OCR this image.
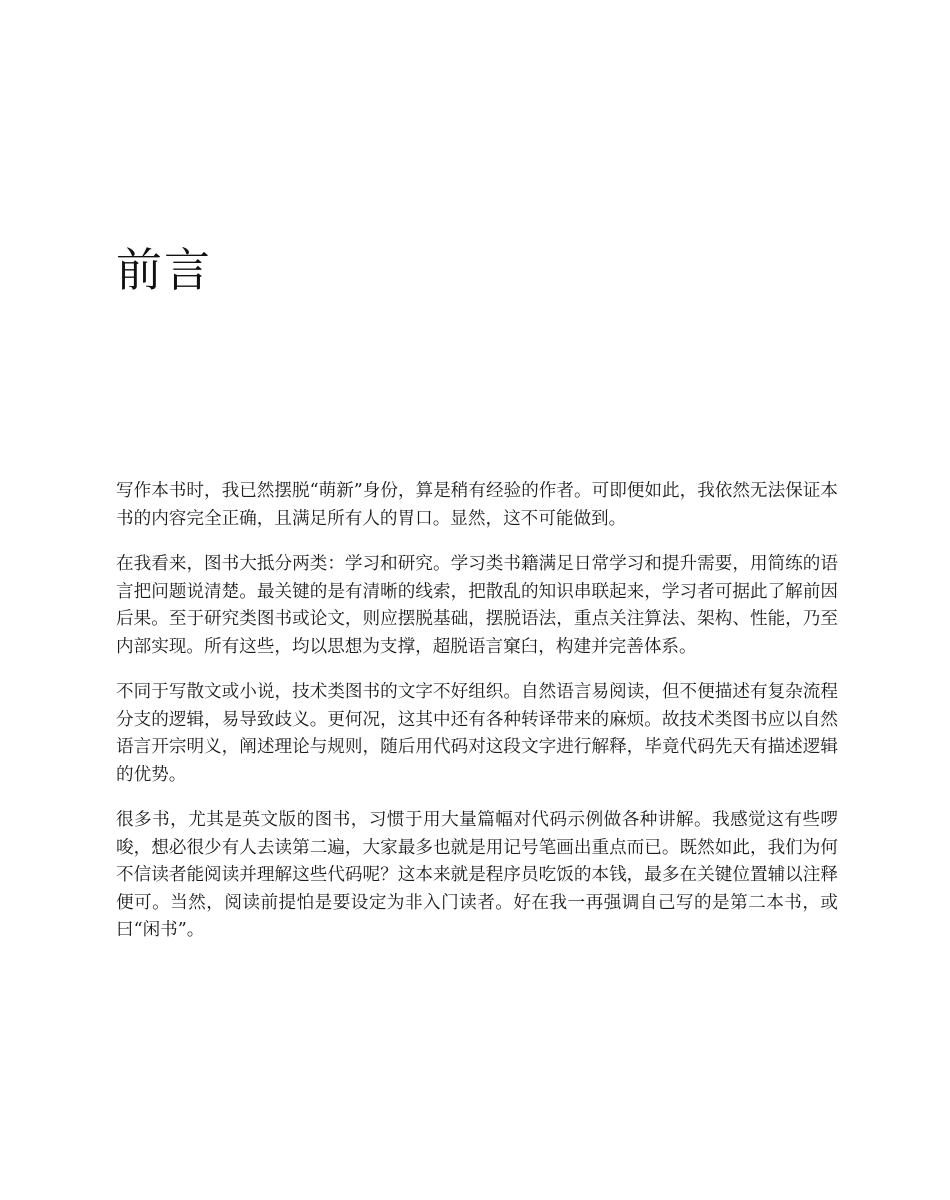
前言

写作本书时，我已然摆脱“萌新”身份，算是稍有经验的作者。可即便如此，我依然无法保证本书的内容完全正确，且满足所有人的胃口。显然，这不可能做到。

在我看来，图书大抵分两类：学习和研究。学习类书籍满足日常学习和提升需要，用简练的语言把问题说清楚。最关键的是有清晰的线索，把散乱的知识串联起来，学习者可据此了解前因后果。至于研究类图书或论文，则应摆脱基础，摆脱语法，重点关注算法、架构、性能，乃至内部实现。所有这些，均以思想为支撑，超脱语言窠臼，构建并完善体系。

不同于写散文或小说，技术类图书的文字不好组织。自然语言易阅读，但不便描述有复杂流程分支的逻辑，易导致歧义。更何况，这其中还有各种转译带来的麻烦。故技术类图书应以自然语言开宗明义，阐述理论与规则，随后用代码对这段文字进行解释，毕竟代码先天有描述逻辑的优势。

很多书，尤其是英文版的图书，习惯于用大量篇幅对代码示例做各种讲解。我感觉这有些啰唆，想必很少有人去读第二遍，大家最多也就是用记号笔画出重点而已。既然如此，我们为何不信读者能阅读并理解这些代码呢？这本来就是程序员吃饭的本钱，最多在关键位置辅以注释便可。当然，阅读前提怕是要设定为非入门读者。好在我一再强调自己写的是第二本书，或曰“闲书”。
